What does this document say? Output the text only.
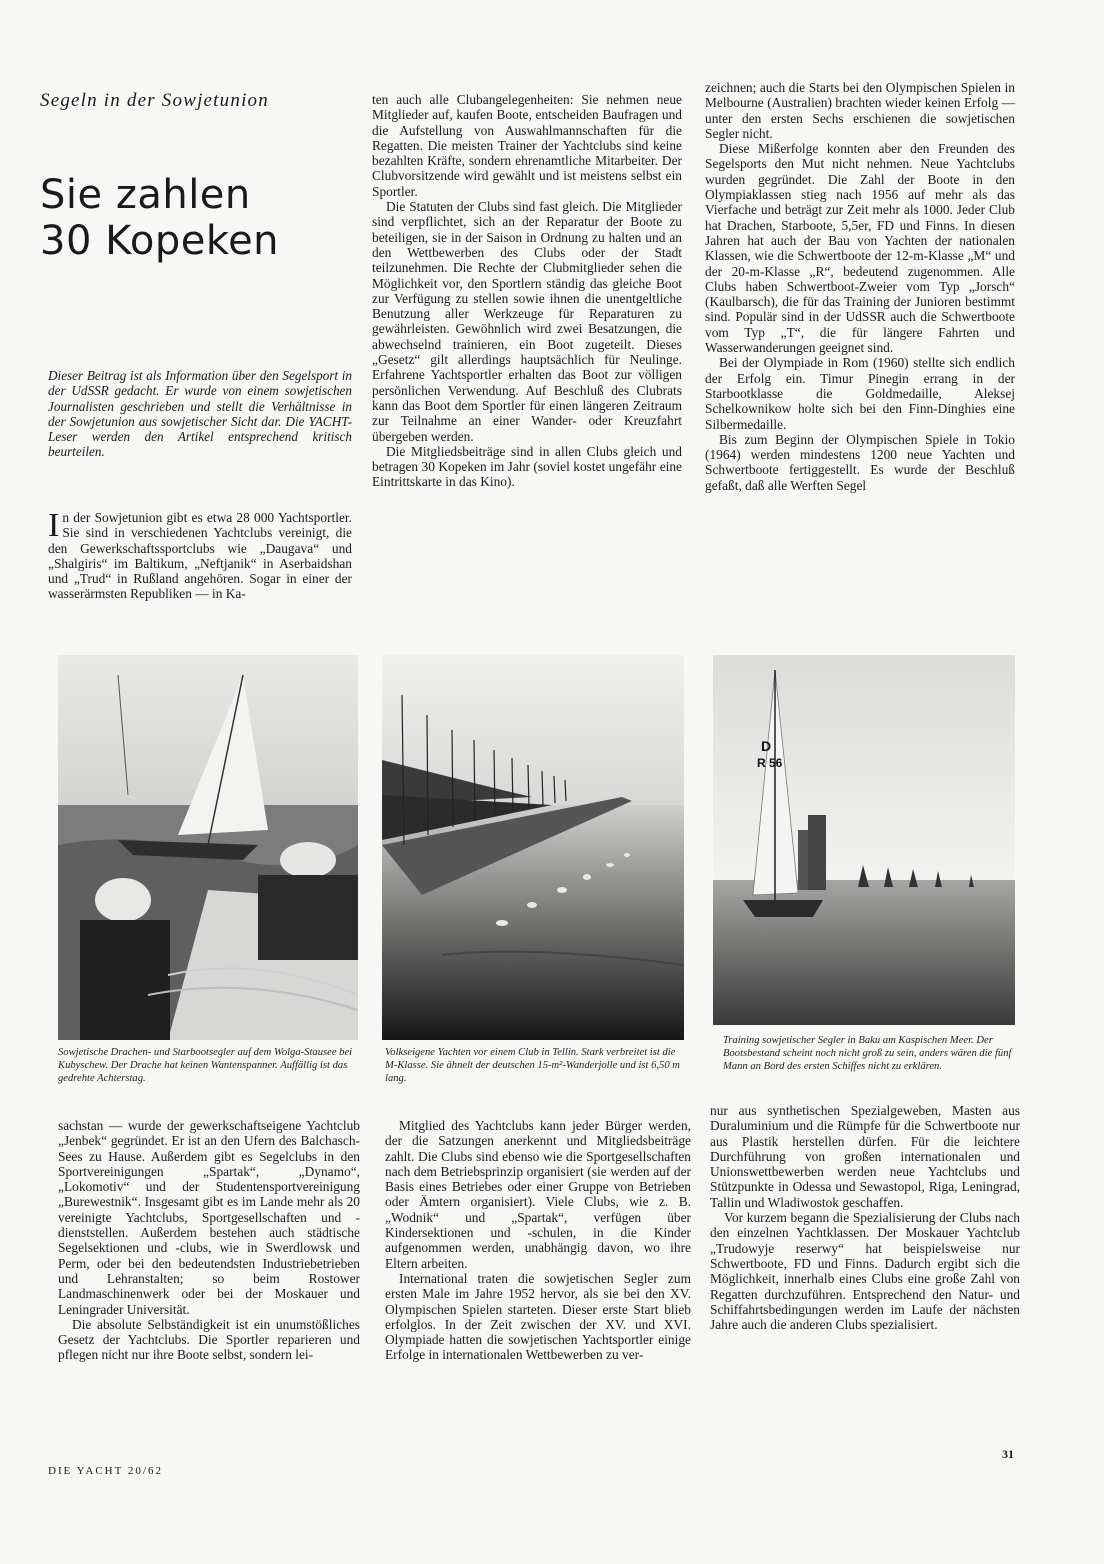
Segeln in der Sowjetunion
Sie zahlen
30 Kopeken
Dieser Beitrag ist als Information über den Segelsport in der UdSSR gedacht. Er wurde von einem sowjetischen Journalisten geschrieben und stellt die Verhältnisse in der Sowjetunion aus sowjetischer Sicht dar. Die YACHT-Leser werden den Artikel entsprechend kritisch beurteilen.

In der Sowjetunion gibt es etwa 28 000 Yachtsportler. Sie sind in verschiedenen Yachtclubs vereinigt, die den Gewerkschaftssportclubs wie „Daugava“ und „Shalgiris“ im Baltikum, „Neftjanik“ in Aserbaidshan und „Trud“ in Rußland angehören. Sogar in einer der wasserärmsten Republiken — in Ka-

ten auch alle Clubangelegenheiten: Sie nehmen neue Mitglieder auf, kaufen Boote, entscheiden Baufragen und die Aufstellung von Auswahlmannschaften für die Regatten. Die meisten Trainer der Yachtclubs sind keine bezahlten Kräfte, sondern ehrenamtliche Mitarbeiter. Der Clubvorsitzende wird gewählt und ist meistens selbst ein Sportler.

Die Statuten der Clubs sind fast gleich. Die Mitglieder sind verpflichtet, sich an der Reparatur der Boote zu beteiligen, sie in der Saison in Ordnung zu halten und an den Wettbewerben des Clubs oder der Stadt teilzunehmen. Die Rechte der Clubmitglieder sehen die Möglichkeit vor, den Sportlern ständig das gleiche Boot zur Verfügung zu stellen sowie ihnen die unentgeltliche Benutzung aller Werkzeuge für Reparaturen zu gewährleisten. Gewöhnlich wird zwei Besatzungen, die abwechselnd trainieren, ein Boot zugeteilt. Dieses „Gesetz“ gilt allerdings hauptsächlich für Neulinge. Erfahrene Yachtsportler erhalten das Boot zur völligen persönlichen Verwendung. Auf Beschluß des Clubrats kann das Boot dem Sportler für einen längeren Zeitraum zur Teilnahme an einer Wander- oder Kreuzfahrt übergeben werden.

Die Mitgliedsbeiträge sind in allen Clubs gleich und betragen 30 Kopeken im Jahr (soviel kostet ungefähr eine Eintrittskarte in das Kino).

zeichnen; auch die Starts bei den Olympischen Spielen in Melbourne (Australien) brachten wieder keinen Erfolg — unter den ersten Sechs erschienen die sowjetischen Segler nicht.

Diese Mißerfolge konnten aber den Freunden des Segelsports den Mut nicht nehmen. Neue Yachtclubs wurden gegründet. Die Zahl der Boote in den Olympiaklassen stieg nach 1956 auf mehr als das Vierfache und beträgt zur Zeit mehr als 1000. Jeder Club hat Drachen, Starboote, 5,5er, FD und Finns. In diesen Jahren hat auch der Bau von Yachten der nationalen Klassen, wie die Schwertboote der 12-m-Klasse „M“ und der 20-m-Klasse „R“, bedeutend zugenommen. Alle Clubs haben Schwertboot-Zweier vom Typ „Jorsch“ (Kaulbarsch), die für das Training der Junioren bestimmt sind. Populär sind in der UdSSR auch die Schwertboote vom Typ „T“, die für längere Fahrten und Wasserwanderungen geeignet sind.

Bei der Olympiade in Rom (1960) stellte sich endlich der Erfolg ein. Timur Pinegin errang in der Starbootklasse die Goldmedaille, Aleksej Schelkownikow holte sich bei den Finn-Dinghies eine Silbermedaille.

Bis zum Beginn der Olympischen Spiele in Tokio (1964) werden mindestens 1200 neue Yachten und Schwertboote fertiggestellt. Es wurde der Beschluß gefaßt, daß alle Werften Segel

Sowjetische Drachen- und Starbootsegler auf dem Wolga-Stausee bei Kubyschew. Der Drache hat keinen Wantenspanner. Auffällig ist das gedrehte Achterstag.
Volkseigene Yachten vor einem Club in Tellin. Stark verbreitet ist die M-Klasse. Sie ähnelt der deutschen 15-m²-Wanderjolle und ist 6,50 m lang.
D
R 56
Training sowjetischer Segler in Baku am Kaspischen Meer. Der Bootsbestand scheint noch nicht groß zu sein, anders wären die fünf Mann an Bord des ersten Schiffes nicht zu erklären.

sachstan — wurde der gewerkschaftseigene Yachtclub „Jenbek“ gegründet. Er ist an den Ufern des Balchasch-Sees zu Hause. Außerdem gibt es Segelclubs in den Sportvereinigungen „Spartak“, „Dynamo“, „Lokomotiv“ und der Studentensportvereinigung „Burewestnik“. Insgesamt gibt es im Lande mehr als 20 vereinigte Yachtclubs, Sportgesellschaften und -dienststellen. Außerdem bestehen auch städtische Segelsektionen und -clubs, wie in Swerdlowsk und Perm, oder bei den bedeutendsten Industriebetrieben und Lehranstalten; so beim Rostower Landmaschinenwerk oder bei der Moskauer und Leningrader Universität.

Die absolute Selbständigkeit ist ein unumstößliches Gesetz der Yachtclubs. Die Sportler reparieren und pflegen nicht nur ihre Boote selbst, sondern lei-

Mitglied des Yachtclubs kann jeder Bürger werden, der die Satzungen anerkennt und Mitgliedsbeiträge zahlt. Die Clubs sind ebenso wie die Sportgesellschaften nach dem Betriebsprinzip organisiert (sie werden auf der Basis eines Betriebes oder einer Gruppe von Betrieben oder Ämtern organisiert). Viele Clubs, wie z. B. „Wodnik“ und „Spartak“, verfügen über Kindersektionen und -schulen, in die Kinder aufgenommen werden, unabhängig davon, wo ihre Eltern arbeiten.

International traten die sowjetischen Segler zum ersten Male im Jahre 1952 hervor, als sie bei den XV. Olympischen Spielen starteten. Dieser erste Start blieb erfolglos. In der Zeit zwischen der XV. und XVI. Olympiade hatten die sowjetischen Yachtsportler einige Erfolge in internationalen Wettbewerben zu ver-

nur aus synthetischen Spezialgeweben, Masten aus Duraluminium und die Rümpfe für die Schwertboote nur aus Plastik herstellen dürfen. Für die leichtere Durchführung von großen internationalen und Unionswettbewerben werden neue Yachtclubs und Stützpunkte in Odessa und Sewastopol, Riga, Leningrad, Tallin und Wladiwostok geschaffen.

Vor kurzem begann die Spezialisierung der Clubs nach den einzelnen Yachtklassen. Der Moskauer Yachtclub „Trudowyje reserwy“ hat beispielsweise nur Schwertboote, FD und Finns. Dadurch ergibt sich die Möglichkeit, innerhalb eines Clubs eine große Zahl von Regatten durchzuführen. Entsprechend den Natur- und Schiffahrtsbedingungen werden im Laufe der nächsten Jahre auch die anderen Clubs spezialisiert.

DIE YACHT 20/62
31
